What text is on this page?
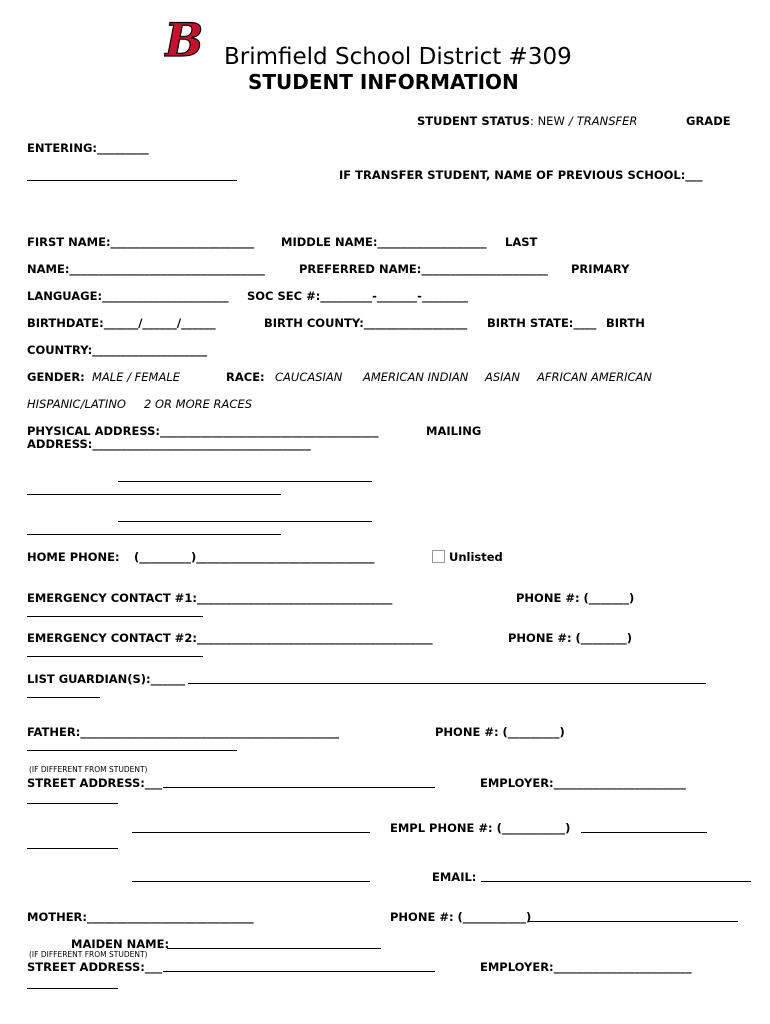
B Brimfield School District #309
STUDENT INFORMATION
STUDENT STATUS: NEW / TRANSFER	GRADE
ENTERING:_________
IF TRANSFER STUDENT, NAME OF PREVIOUS SCHOOL:___
FIRST NAME:_________________________ MIDDLE NAME:___________________ LAST
NAME:__________________________________	PREFERRED NAME:______________________ PRIMARY
LANGUAGE:______________________ SOC SEC #:_________-_______-________
BIRTHDATE:______/______/______	BIRTH COUNTY:__________________ BIRTH STATE:____ BIRTH
COUNTRY:____________________
GENDER: MALE / FEMALE	RACE: CAUCASIAN AMERICAN INDIAN ASIAN AFRICAN AMERICAN
HISPANIC/LATINO 2 OR MORE RACES
PHYSICAL ADDRESS:______________________________________	MAILING
ADDRESS:______________________________________
HOME PHONE: (_________)_______________________________	Unlisted
EMERGENCY CONTACT #1:__________________________________	PHONE #: (_______)
EMERGENCY CONTACT #2:_________________________________________	PHONE #: (________)
LIST GUARDIAN(S):______
FATHER:_____________________________________________	PHONE #: (_________)
(IF DIFFERENT FROM STUDENT)
STREET ADDRESS:___	EMPLOYER:_______________________
EMPL PHONE #: (___________)
EMAIL:
MOTHER:_____________________________	PHONE #: (___________)
MAIDEN NAME:
(IF DIFFERENT FROM STUDENT)
STREET ADDRESS:___	EMPLOYER:________________________
